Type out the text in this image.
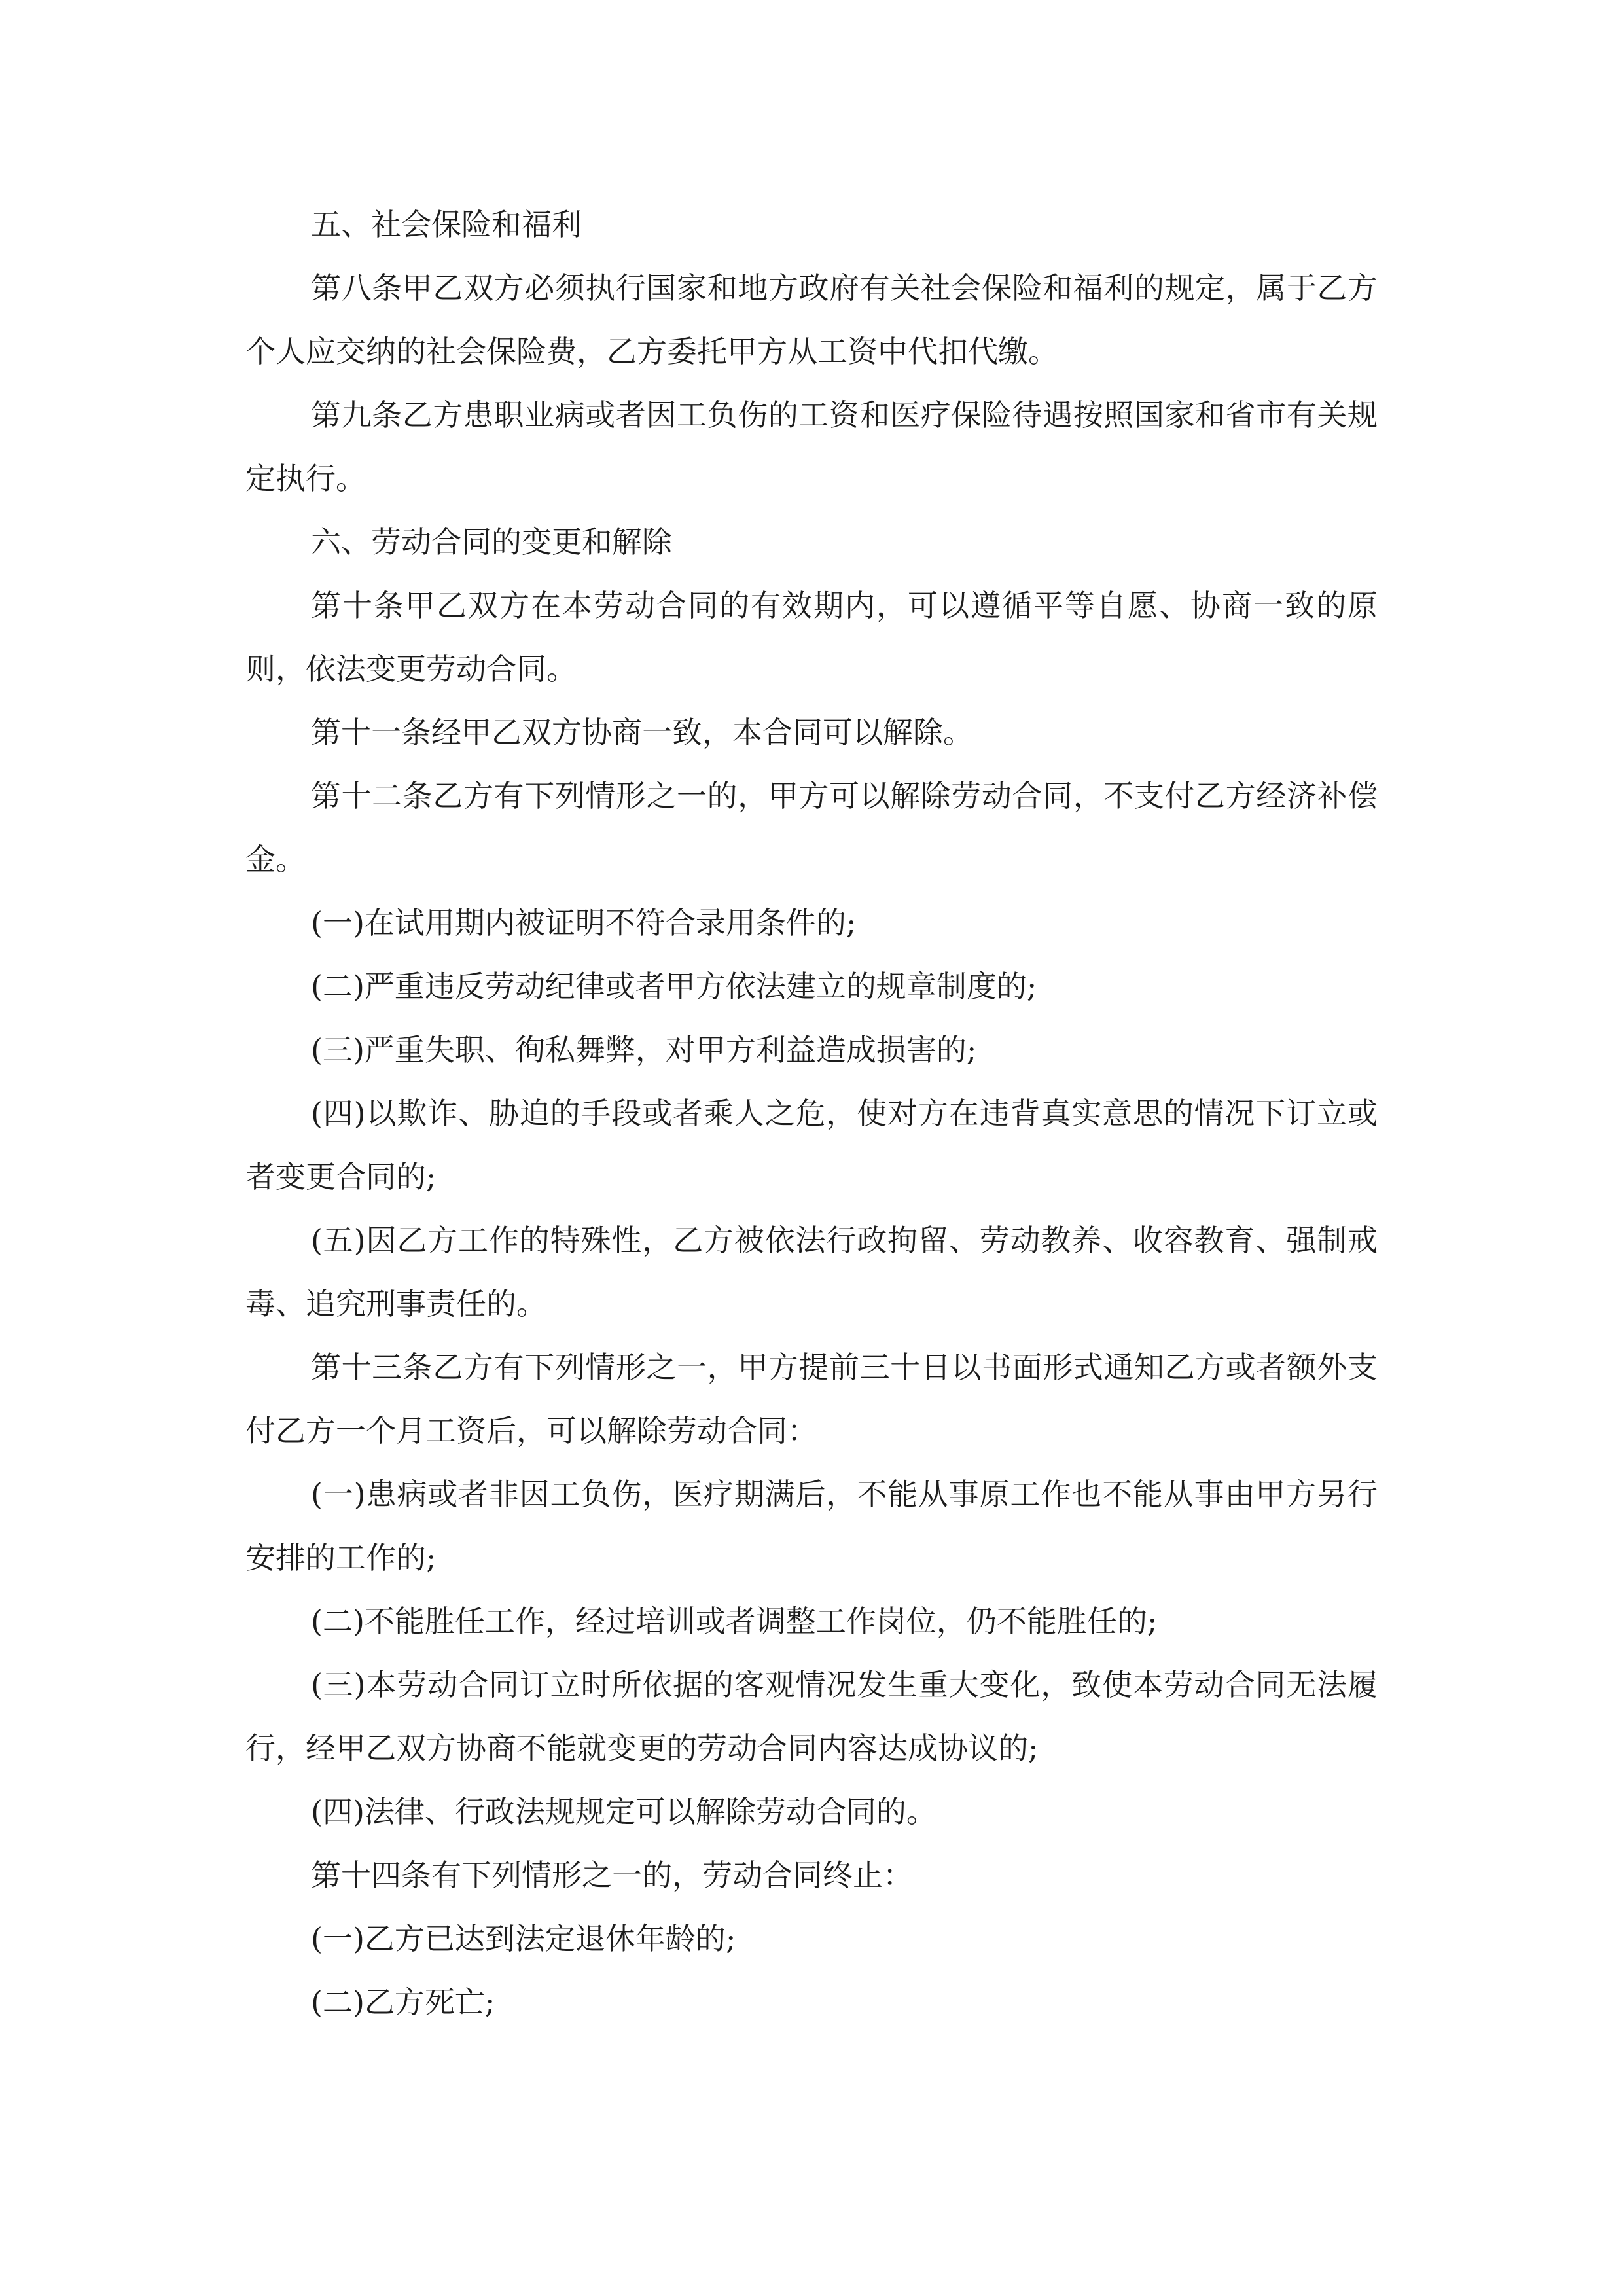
五、社会保险和福利

第八条甲乙双方必须执行国家和地方政府有关社会保险和福利的规定，属于乙方个人应交纳的社会保险费，乙方委托甲方从工资中代扣代缴。

第九条乙方患职业病或者因工负伤的工资和医疗保险待遇按照国家和省市有关规定执行。

六、劳动合同的变更和解除

第十条甲乙双方在本劳动合同的有效期内，可以遵循平等自愿、协商一致的原则，依法变更劳动合同。

第十一条经甲乙双方协商一致，本合同可以解除。

第十二条乙方有下列情形之一的，甲方可以解除劳动合同，不支付乙方经济补偿金。

(一)在试用期内被证明不符合录用条件的;

(二)严重违反劳动纪律或者甲方依法建立的规章制度的;

(三)严重失职、徇私舞弊，对甲方利益造成损害的;

(四)以欺诈、胁迫的手段或者乘人之危，使对方在违背真实意思的情况下订立或者变更合同的;

(五)因乙方工作的特殊性，乙方被依法行政拘留、劳动教养、收容教育、强制戒毒、追究刑事责任的。

第十三条乙方有下列情形之一，甲方提前三十日以书面形式通知乙方或者额外支付乙方一个月工资后，可以解除劳动合同：

(一)患病或者非因工负伤，医疗期满后，不能从事原工作也不能从事由甲方另行安排的工作的;

(二)不能胜任工作，经过培训或者调整工作岗位，仍不能胜任的;

(三)本劳动合同订立时所依据的客观情况发生重大变化，致使本劳动合同无法履行，经甲乙双方协商不能就变更的劳动合同内容达成协议的;

(四)法律、行政法规规定可以解除劳动合同的。

第十四条有下列情形之一的，劳动合同终止：

(一)乙方已达到法定退休年龄的;

(二)乙方死亡;
